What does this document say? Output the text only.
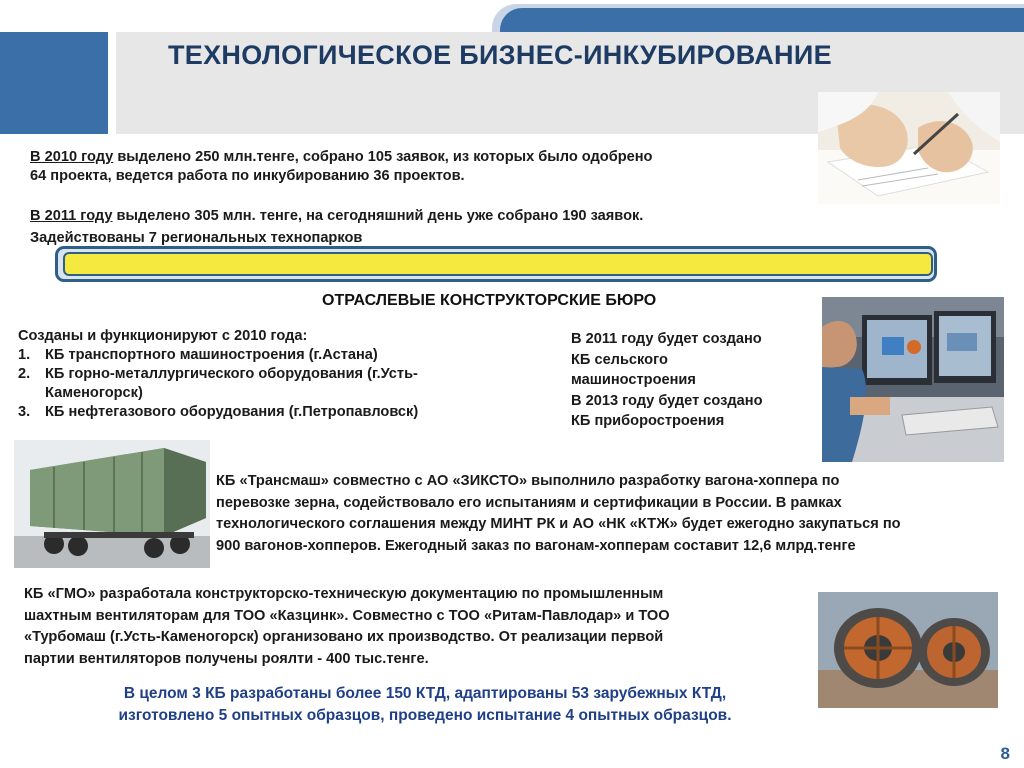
ТЕХНОЛОГИЧЕСКОЕ БИЗНЕС-ИНКУБИРОВАНИЕ
В 2010 году выделено 250 млн.тенге, собрано 105 заявок, из которых было одобрено
64 проекта, ведется работа по инкубированию 36 проектов.
В 2011 году выделено 305 млн. тенге, на сегодняшний день уже собрано 190 заявок.
Задействованы 7 региональных технопарков
ОТРАСЛЕВЫЕ КОНСТРУКТОРСКИЕ БЮРО
Созданы и функционируют с 2010 года:
1. КБ транспортного машиностроения (г.Астана)
2. КБ горно-металлургического оборудования (г.Усть-Каменогорск)
3. КБ нефтегазового оборудования (г.Петропавловск)
В 2011 году будет создано
КБ сельского
машиностроения
В 2013 году будет создано
КБ приборостроения
КБ «Трансмаш» совместно с АО «ЗИКСТО» выполнило разработку вагона-хоппера по
перевозке зерна, содействовало его испытаниям и сертификации в России. В рамках
технологического соглашения между МИНТ РК и АО «НК «КТЖ» будет ежегодно закупаться по
900 вагонов-хопперов. Ежегодный заказ по вагонам-хопперам составит 12,6 млрд.тенге
КБ «ГМО» разработала конструкторско-техническую документацию по промышленным
шахтным вентиляторам для ТОО «Казцинк». Совместно с ТОО «Ритам-Павлодар» и ТОО
«Турбомаш (г.Усть-Каменогорск) организовано их производство. От реализации первой
партии вентиляторов получены роялти - 400 тыс.тенге.
В целом 3 КБ разработаны более 150 КТД, адаптированы 53 зарубежных КТД,
изготовлено 5 опытных образцов, проведено испытание 4 опытных образцов.
8
